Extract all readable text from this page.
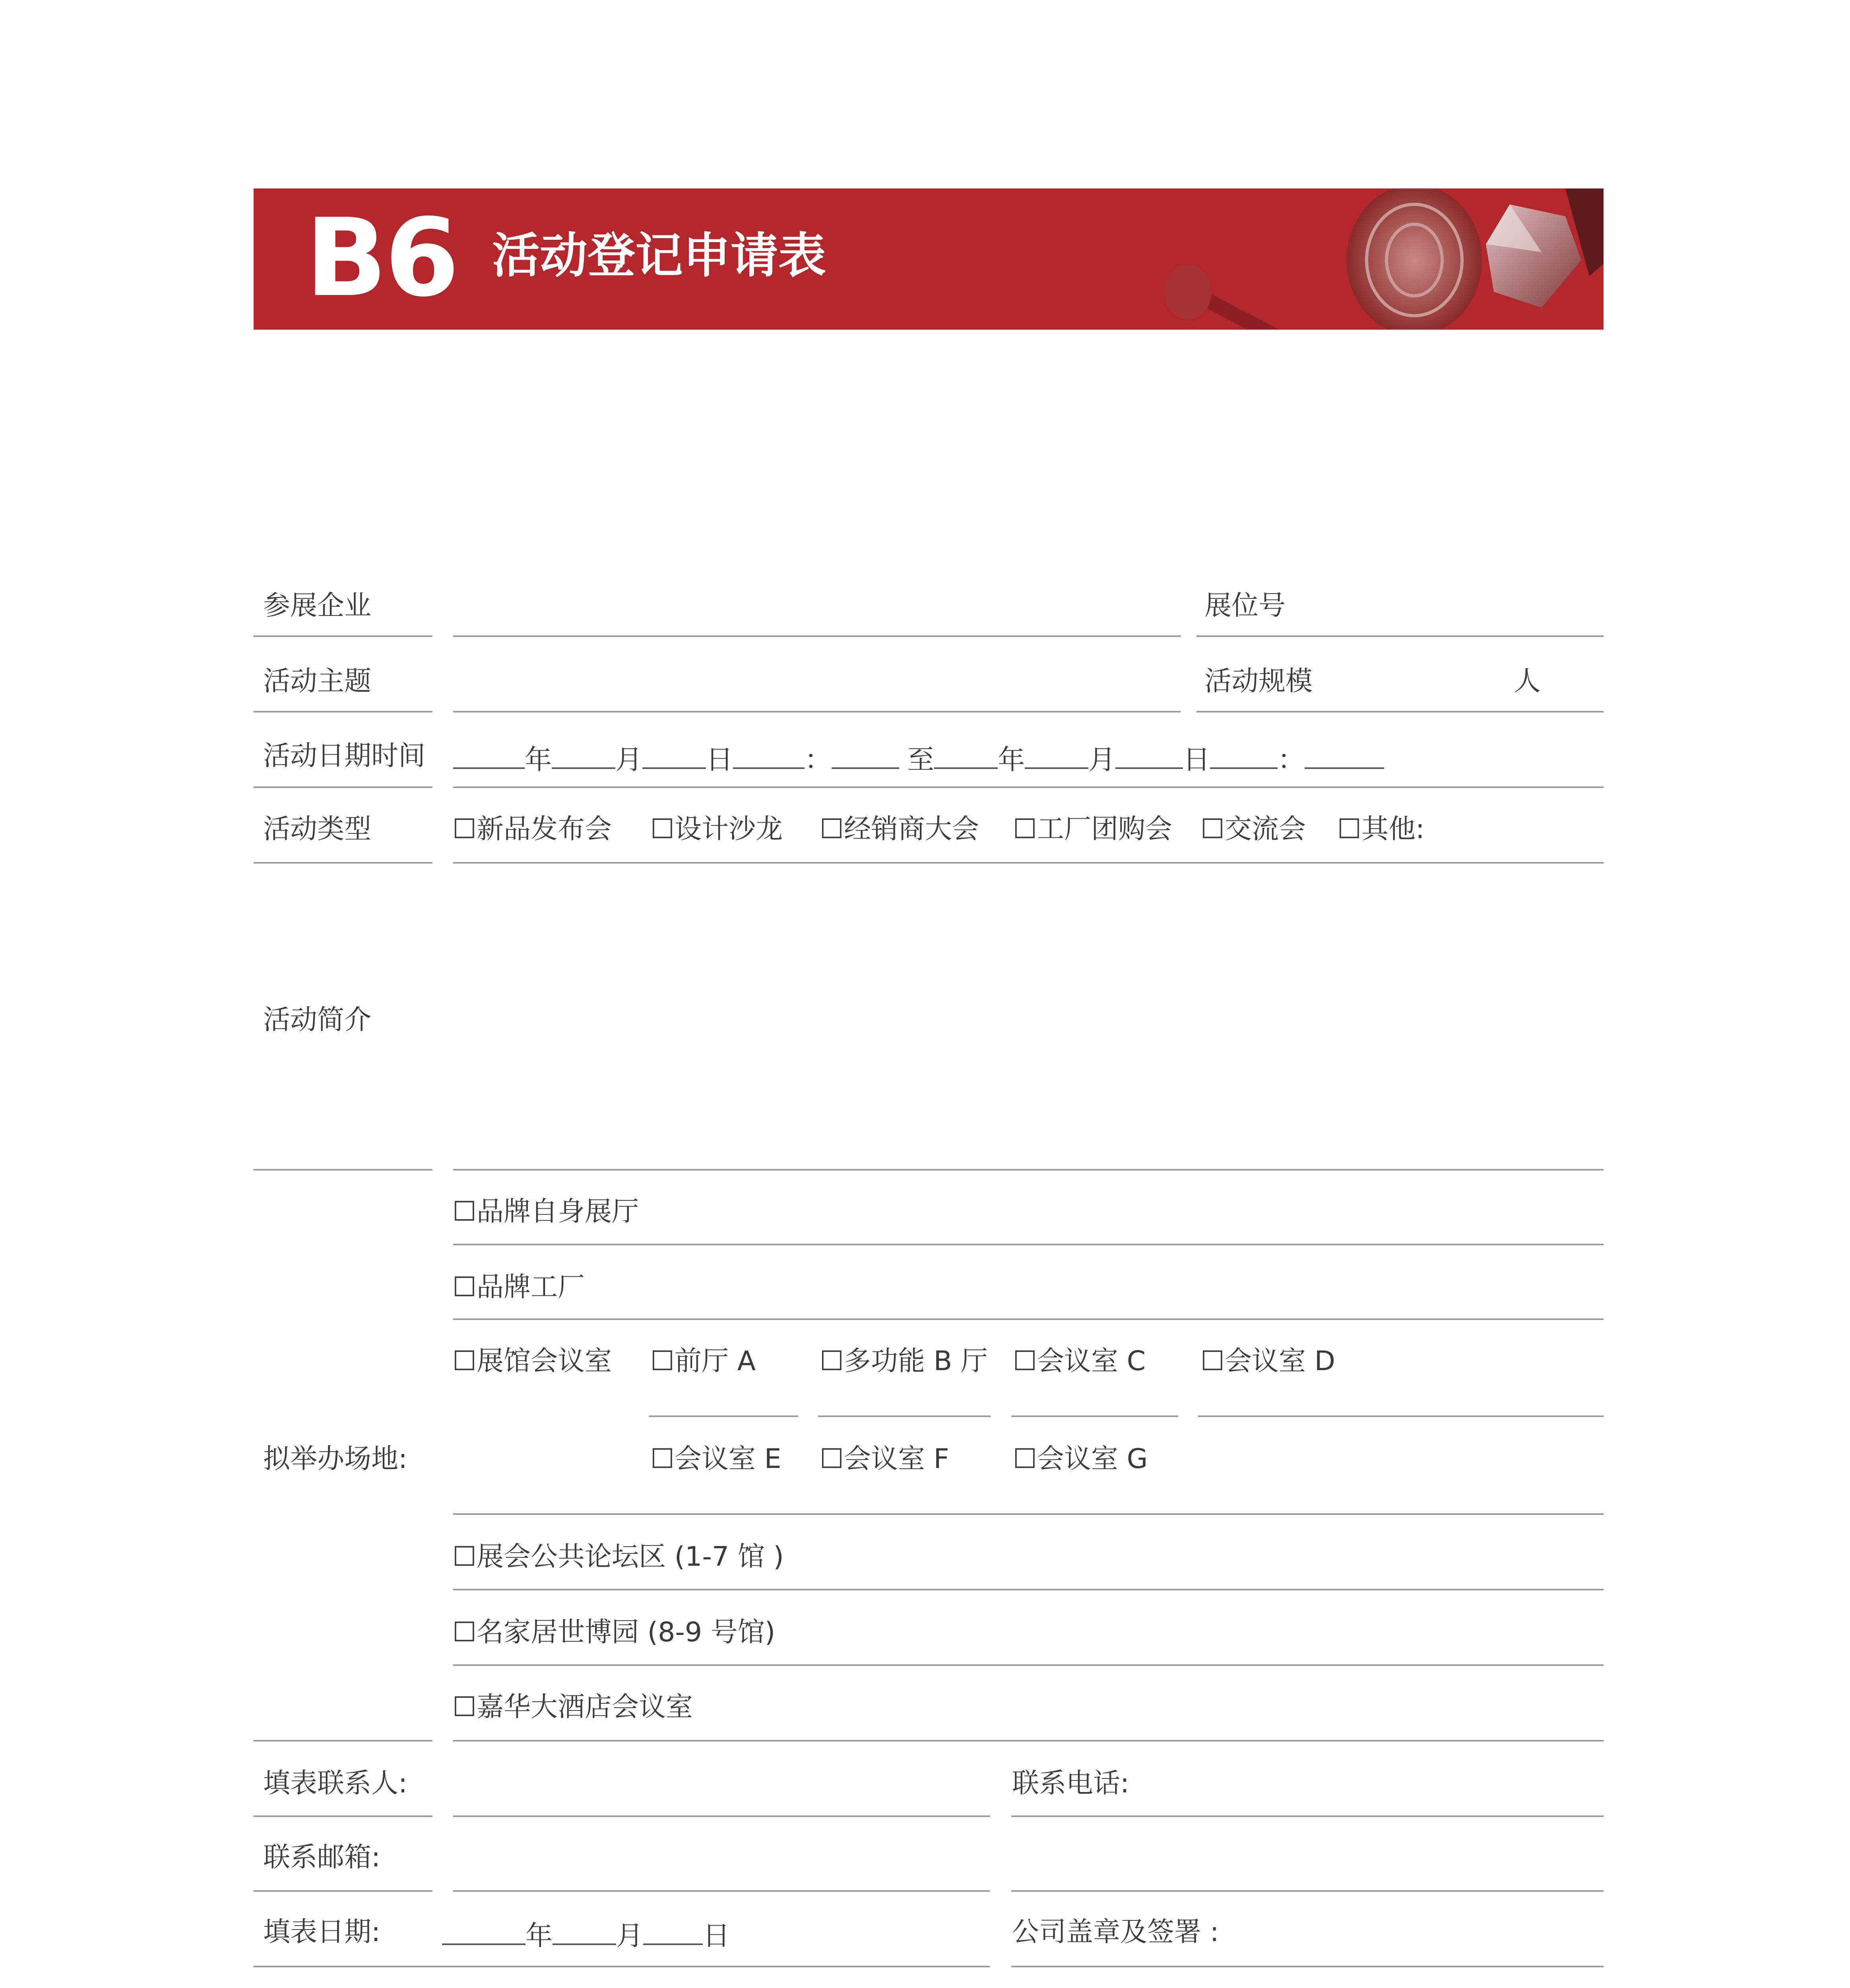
B6 活动登记申请表
参展企业	展位号
活动主题	活动规模	人
活动日期时间	年 月 日	：	至 年 月	日	：
活动类型	☐新品发布会 ☐设计沙龙 ☐经销商大会 ☐工厂团购会 ☐交流会 ☐其他:
活动简介
拟举办场地:
☐品牌自身展厅
☐品牌工厂
☐展馆会议室 ☐前厅 A ☐多功能 B 厅 ☐会议室 C ☐会议室 D
☐会议室 E ☐会议室 F ☐会议室 G
☐展会公共论坛区 (1-7 馆 )
☐名家居世博园 (8-9 号馆)
☐嘉华大酒店会议室
填表联系人:	联系电话:
联系邮箱:
填表日期:	年 月 日	公司盖章及签署 :
